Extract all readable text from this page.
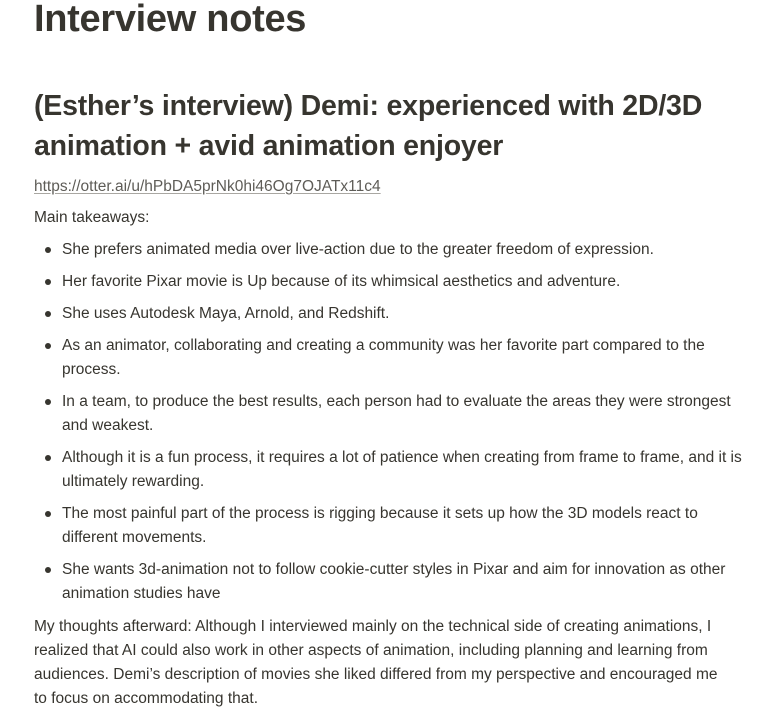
Interview notes
(Esther’s interview) Demi: experienced with 2D/3D animation + avid animation enjoyer
https://otter.ai/u/hPbDA5prNk0hi46Og7OJATx11c4
Main takeaways:
She prefers animated media over live-action due to the greater freedom of expression.
Her favorite Pixar movie is Up because of its whimsical aesthetics and adventure.
She uses Autodesk Maya, Arnold, and Redshift.
As an animator, collaborating and creating a community was her favorite part compared to the process.
In a team, to produce the best results, each person had to evaluate the areas they were strongest and weakest.
Although it is a fun process, it requires a lot of patience when creating from frame to frame, and it is ultimately rewarding.
The most painful part of the process is rigging because it sets up how the 3D models react to different movements.
She wants 3d-animation not to follow cookie-cutter styles in Pixar and aim for innovation as other animation studies have

My thoughts afterward: Although I interviewed mainly on the technical side of creating animations, I realized that AI could also work in other aspects of animation, including planning and learning from audiences. Demi’s description of movies she liked differed from my perspective and encouraged me to focus on accommodating that.
